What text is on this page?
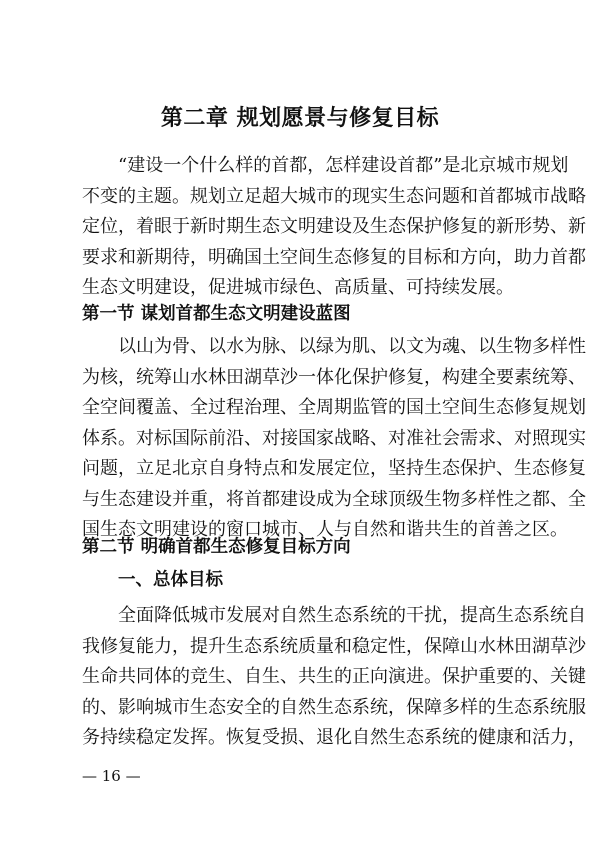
第二章 规划愿景与修复目标
“建设一个什么样的首都，怎样建设首都”是北京城市规划
不变的主题。规划立足超大城市的现实生态问题和首都城市战略
定位，着眼于新时期生态文明建设及生态保护修复的新形势、新
要求和新期待，明确国土空间生态修复的目标和方向，助力首都
生态文明建设，促进城市绿色、高质量、可持续发展。
第一节 谋划首都生态文明建设蓝图
以山为骨、以水为脉、以绿为肌、以文为魂、以生物多样性
为核，统筹山水林田湖草沙一体化保护修复，构建全要素统筹、
全空间覆盖、全过程治理、全周期监管的国土空间生态修复规划
体系。对标国际前沿、对接国家战略、对准社会需求、对照现实
问题，立足北京自身特点和发展定位，坚持生态保护、生态修复
与生态建设并重，将首都建设成为全球顶级生物多样性之都、全
国生态文明建设的窗口城市、人与自然和谐共生的首善之区。
第二节 明确首都生态修复目标方向
一、总体目标
全面降低城市发展对自然生态系统的干扰，提高生态系统自
我修复能力，提升生态系统质量和稳定性，保障山水林田湖草沙
生命共同体的竞生、自生、共生的正向演进。保护重要的、关键
的、影响城市生态安全的自然生态系统，保障多样的生态系统服
务持续稳定发挥。恢复受损、退化自然生态系统的健康和活力，
— 16 —
